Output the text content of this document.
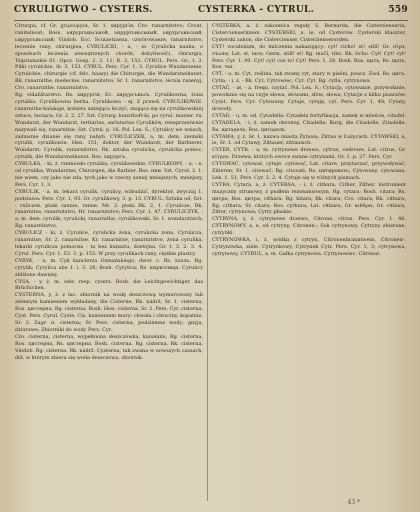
CYRULIGTWO - CYSTERS.	CYSTERKA - CYTRUL.	559

Cirurgia, cf. Gr. χειρουργια, Sr. 1. хирургїя; Cro. ranarnitstvo; Croat. ranitelnost; Boss. ьирургьиьсьиой, ьирургьиьсьиый, ьирургьиьсьий, ьирургьиьсьий; Vindob. Ecc. Scuiaetzaeza, czwórowaeze, ranarnitstvo, leczenie rany, chirurgiea, CYRULICKI, - a, - ie. Cyrulicka nauka, o sposobach leczenia zewnętrznych chorób, dobyliwośći, chirurgia, Tsiprianiskie 81. Opcz. Gosp. 2. 2. 11; B. 3, 153. CYRUL. Pers. Gr., t. 3. Pilki cyrulickie, ib. 3, 153. CYRUL. Pers. Cyr. 1, 3. Cyrulice Wundarzenie. Cyrulickie, chirurgie (cf. felc. haazy) die Chirurgie, die Wundarzneikunst. Rk. ranarnithe, medecine, ranarnitstvo, Sr. 1. ranarnitstvo, lécnia ranenyj, Cro. ranarnithe, ranarnitstvo.

Rg. vidalištarstvo. Rs. хирургія; Ec. хирургъиьсъ. Cyrulikowna, żona cyrulika. Cyrulikowna herba. Cyrulikowa - ej. Z prawd. CYRULIKOWIE. ranarnithe-kalakaje, kobieta umiejąca leczyć, znająca się na cyrulikowskiej sztuce, lecząca; Gr. 2. 2. 27. Szt. Cyrurg. kunsthoft-ki, po cyrul. manier. rn. Wundarzt, der Wundarzt, tertiarius, sarlatarius Cyrulików, reneprzeziwnie nazywali się, ranarnitse. Szt. Cyrul. p. 16. Pol. Lex. S.; Cyrulicy we wsiach, zadawnie dzianie się rany nabyli. CYRULICZEK, a, m. dem. ziemski cyrulik, cyrulikowie. Hen. 151; doktor, der Wundarzt, der Barbierer, Wundarzt; Cyrulik, ranarnitstvo, Rk. sztuka cyrulicka, cyrulicka pomoc, cyrulik, die Wundarzneikunst. Ros. хирургъ.

CYRULKA, - ki, ż. rzemiosło cyrulika, cyrulikowskie. CYRULKOWY, - a, - e, od cyrulika, Wundarztes, Chirurgen, die Barbier. Ros. нии. Szt. Cyrul. 2. 1. nie wiem, czy jako nie zda, tych jako w rzeczy samej mniejszych, mniejszy, Pers. Cyr. 1, 3.

CYRULIK, - a, m. lekarz cyrulik, cyrulicy, wzbudzić, dyrektor, zwyczaj 1. podstawa: Pers. Cyr. 1, 93. Gr. cyrulikowy, 3. p. 13. CYRUL. Sztuka od, Szt. - ruliczek. ptaki rannie, ranne. Mr. 3. ptaki Rk. 2, 1. Cyrulicze, Rk. ranarnitse, ranarnitstvo, Hr. ranarnitstvo; Pers. Cyr. 1. 47. CYRULICZYK, - a, m. dem. cyrulik, cyrulicki, ranarnithe, cyrulikowski, Sr. 1. wundarztisch; Rg. ranarnitstvo.

CYRULICZ - ki, ż. Cyrulice, cyrulicka żona, cyrulicka żona, Cyrulicza, ranarnitse, Sr. 2. ranarnitse. Kr. ranarnitse, ranarnitstvo, żona cyrulika, lekarki cyrulicza pomocna - ta bez kunsztu, dostojna. Gr. t. 3. 2. 3. 4. Cyrul. Pers. Cyr. 1. 53. 3. p. 153. W przy cyrulikach rany, ciężkie plastry.

CYRYK, - u. m. Cyk kanclerza Osmańskiego, dwor. c. Rs. хохлъ. Rg. cyrylik; Cyrylica abo 1. i. 3. 28; Bosh. Cyrylica; Rs. кириллица. Cyrulicy zbliżone dawniej.

CYSA, - y. ż. m. odw. resp. cyserz. Bosh. die Leichtgewichtiger, das Brüchichen.

CYSTERNA, y, ż. z łac. zbiornik na wodę deszczową wymurowany lub ziemnym kamieniem wykładany, die Cisterne, Rk. nádrž, Sr. 1. cisterna, Ros. цистерна, Rg. cisterna; Bosh. Hen. cisterna, Sr. 2. Pers. Cyr. cisterna, Cyst. Pers. Cyrul. Cyste. Cis. kamieniem mury: chwała i chrzciny, kopalnie. Sr. 2. Zagr. n. cisterna; Sr. Pers. cisterna, podziemne wody; gnyja, dziurawe; Zbiorniki do wody Pers. Cyr.

Cro. cisterna, cisterna, wypełniona deszczówka, kanałami, Rg. cisterna, Ros. цистерна, Rs. цистерна, Bosh. cisterna. Rg. cisterna, Rk. cisterna, Vindob. Rg. cisterna. Rk. nádrž. Cysterna, tak zwana w nowszych czasach, dół, w którym zbiera się woda deszczowa, zbiornik.

CYSTERKA, a. ż. zakonnica reguły S. Bernarda, die Cisterzienserin, Cistercienserinnen. CYSTERSKI, a, ie, od Cysterów. Cysterski klasztor, Cysterski zakon, die Cistercienser, Cisterzienserorden.

CYT! vocabulum, do milczenia nakazujący: cyt! cicho! st! still! Gr. σίγα, σίωπα; Lat. st, tace; Germ. still! st! Rg. mučí, tiho. Rk. ticho. Cyt! Cyt! cyt! Pers. Cyr. 1. 90. Cyt! cyt! coz to! Cyt! Pers. 1, 28. Bosh. Ros. цыть; Rs. цыть, Ros. чш.

CYT. - u, m. Cyt, roślina, tak zwany cyt, stary w pieśni, poucz. Zool. Rs. цитъ. Cytla, - i, ż. - Bk. Cyt, Cytrowiec, Cyt. Cyt. Rg. cytla, cytrynowa.

CYTAĆ, - ał, - a, frequ. czytać, Pol. Lex. S.; Cytacja, cytowanie, przywołanie, powołanie się na czyje słowa, słowami, słów; słowa; Cytacje z kilku pisarzów. Cytat. Pers. Cyr. Cytowany. Cytuje, cytuję, cyt. Pers. Cyr. 1, 48; Cytaty, dowody.

CYTAD, - u, m. od. Cytadella: Cytadela fortyfikacja, zamek w mieście, citadel. CYTADELA, - i, ż. zamek obronny, Citadelle, Burg, die Citadelle, Zitadelle. Rs. цитадель; Ros. цитадель.

CYTAWA, y, ż. Sr. 1. nazwa miasta Żytawa, Zittau w Łużycach. CYTAWSKI, a, ie, Sr. 1. od Cytawy, Zittauer, zittauisch.

CYTER, CYTR. - a, m. cytrynowe drzewo, cytrus, cedrowe, Lat. citrus, Gr. κίτρον. Drzewa, których owoce zwane cytrynami, Gr. 1. p. 27. Pers. Cyr.

CYTOWAĆ, cytował, cytuje. cytować, Lat. citare, przytaczać, przywoływać, Zitieren; Sr. 1. citować; Rg. citovati; Rs. цитировать; Cytowany, cytowana. Lek. 1. 51; Pers. Cyr. 2. 2. 4. Cytuje się w różnych pismach.

CYTRA, Cytara, a, ż. CYTERSA, - i, ż. cithara, Cither, Zither, instrument muzyczny strunowy, z pudłem rezonansowym, Rg. cytara; Bosh. citara; Rs. цитра; Ros. цитра; cithara. Rg. kitara; Rk. citara; Cro. citara; Rk. cithara; Rg. cithara; Sr. citara; Ros. cythara; Lat. cithara; Gr. κιθάρα; Gr. cithara, Zitter, cytrynowa; Cytry płaskie.

CYTRYNA, y, ż. cytrynowe drzewo, Citrone, citrus. Pers. Cyr. 1. 46. CYTRYNOWY, a, e, od cytryny, Citronen-; Sok cytrynowy. Cytryny zbierane, cytrynki.

CYTRYNÓWKA, i, ż. wódka z cytryn, Citronenbranntwein, Citronen-. Cytrynówka, ziele. Cytrynkowy, Cytrynek Cytr. Pers. Cyr. 1, 3; cytrynowa, cytrynowy, CYTRUL, a, m. Gałka cytrynowa. Cytrynowiec, Citronat.

43 *
